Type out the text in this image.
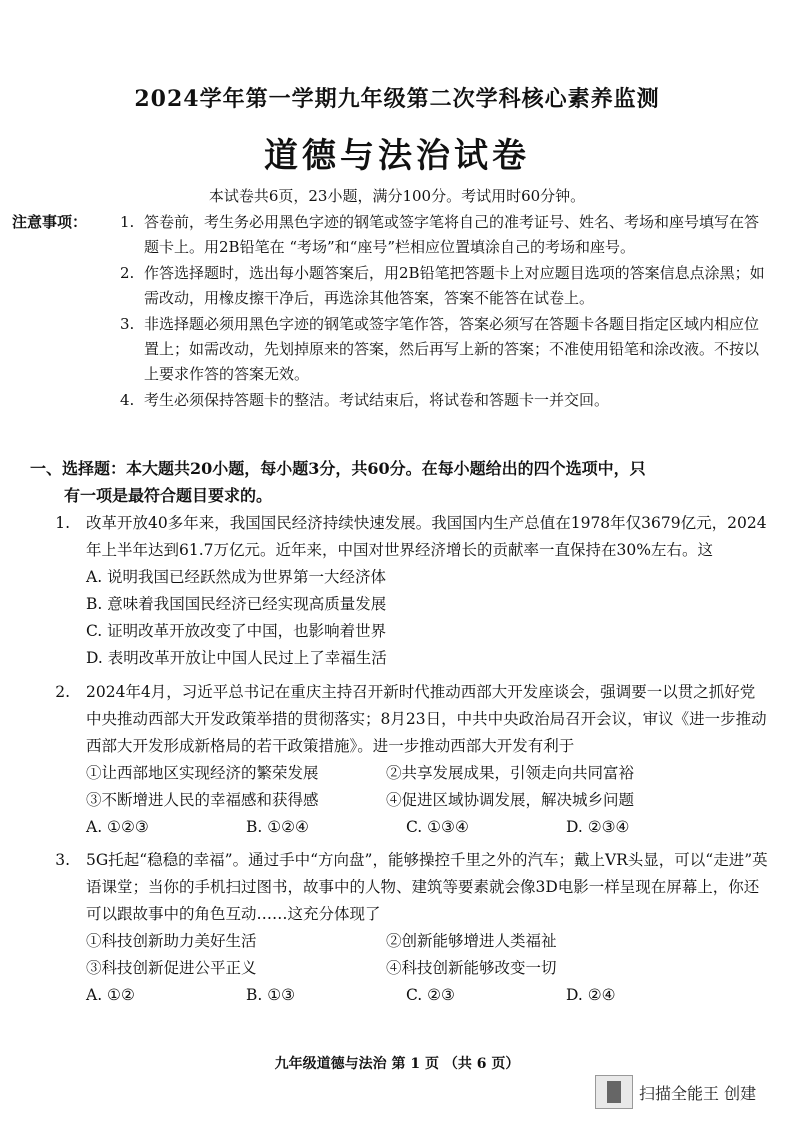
2024学年第一学期九年级第二次学科核心素养监测
道德与法治试卷
本试卷共6页，23小题，满分100分。考试用时60分钟。
注意事项： 1. 答卷前，考生务必用黑色字迹的钢笔或签字笔将自己的准考证号、姓名、考场和座号填写在答题卡上。用2B铅笔在 “考场”和“座号”栏相应位置填涂自己的考场和座号。
2. 作答选择题时，选出每小题答案后，用2B铅笔把答题卡上对应题目选项的答案信息点涂黑；如需改动，用橡皮擦干净后，再选涂其他答案，答案不能答在试卷上。
3. 非选择题必须用黑色字迹的钢笔或签字笔作答，答案必须写在答题卡各题目指定区域内相应位置上；如需改动，先划掉原来的答案，然后再写上新的答案；不准使用铅笔和涂改液。不按以上要求作答的答案无效。
4. 考生必须保持答题卡的整洁。考试结束后，将试卷和答题卡一并交回。
一、选择题：本大题共20小题，每小题3分，共60分。在每小题给出的四个选项中，只
有一项是最符合题目要求的。
1. 改革开放40多年来，我国国民经济持续快速发展。我国国内生产总值在1978年仅3679亿元，2024年上半年达到61.7万亿元。近年来，中国对世界经济增长的贡献率一直保持在30%左右。这
A. 说明我国已经跃然成为世界第一大经济体
B. 意味着我国国民经济已经实现高质量发展
C. 证明改革开放改变了中国，也影响着世界
D. 表明改革开放让中国人民过上了幸福生活
2. 2024年4月，习近平总书记在重庆主持召开新时代推动西部大开发座谈会，强调要一以贯之抓好党中央推动西部大开发政策举措的贯彻落实；8月23日，中共中央政治局召开会议，审议《进一步推动西部大开发形成新格局的若干政策措施》。进一步推动西部大开发有利于
①让西部地区实现经济的繁荣发展	②共享发展成果，引领走向共同富裕
③不断增进人民的幸福感和获得感	④促进区域协调发展，解决城乡问题
A. ①②③	B. ①②④	C. ①③④	D. ②③④
3. 5G托起“稳稳的幸福”。通过手中“方向盘”，能够操控千里之外的汽车；戴上VR头显，可以“走进”英语课堂；当你的手机扫过图书，故事中的人物、建筑等要素就会像3D电影一样呈现在屏幕上，你还可以跟故事中的角色互动……这充分体现了
①科技创新助力美好生活	②创新能够增进人类福祉
③科技创新促进公平正义	④科技创新能够改变一切
A. ①②	B. ①③	C. ②③	D. ②④
九年级道德与法治 第 1 页 （共 6 页）
扫描全能王 创建
